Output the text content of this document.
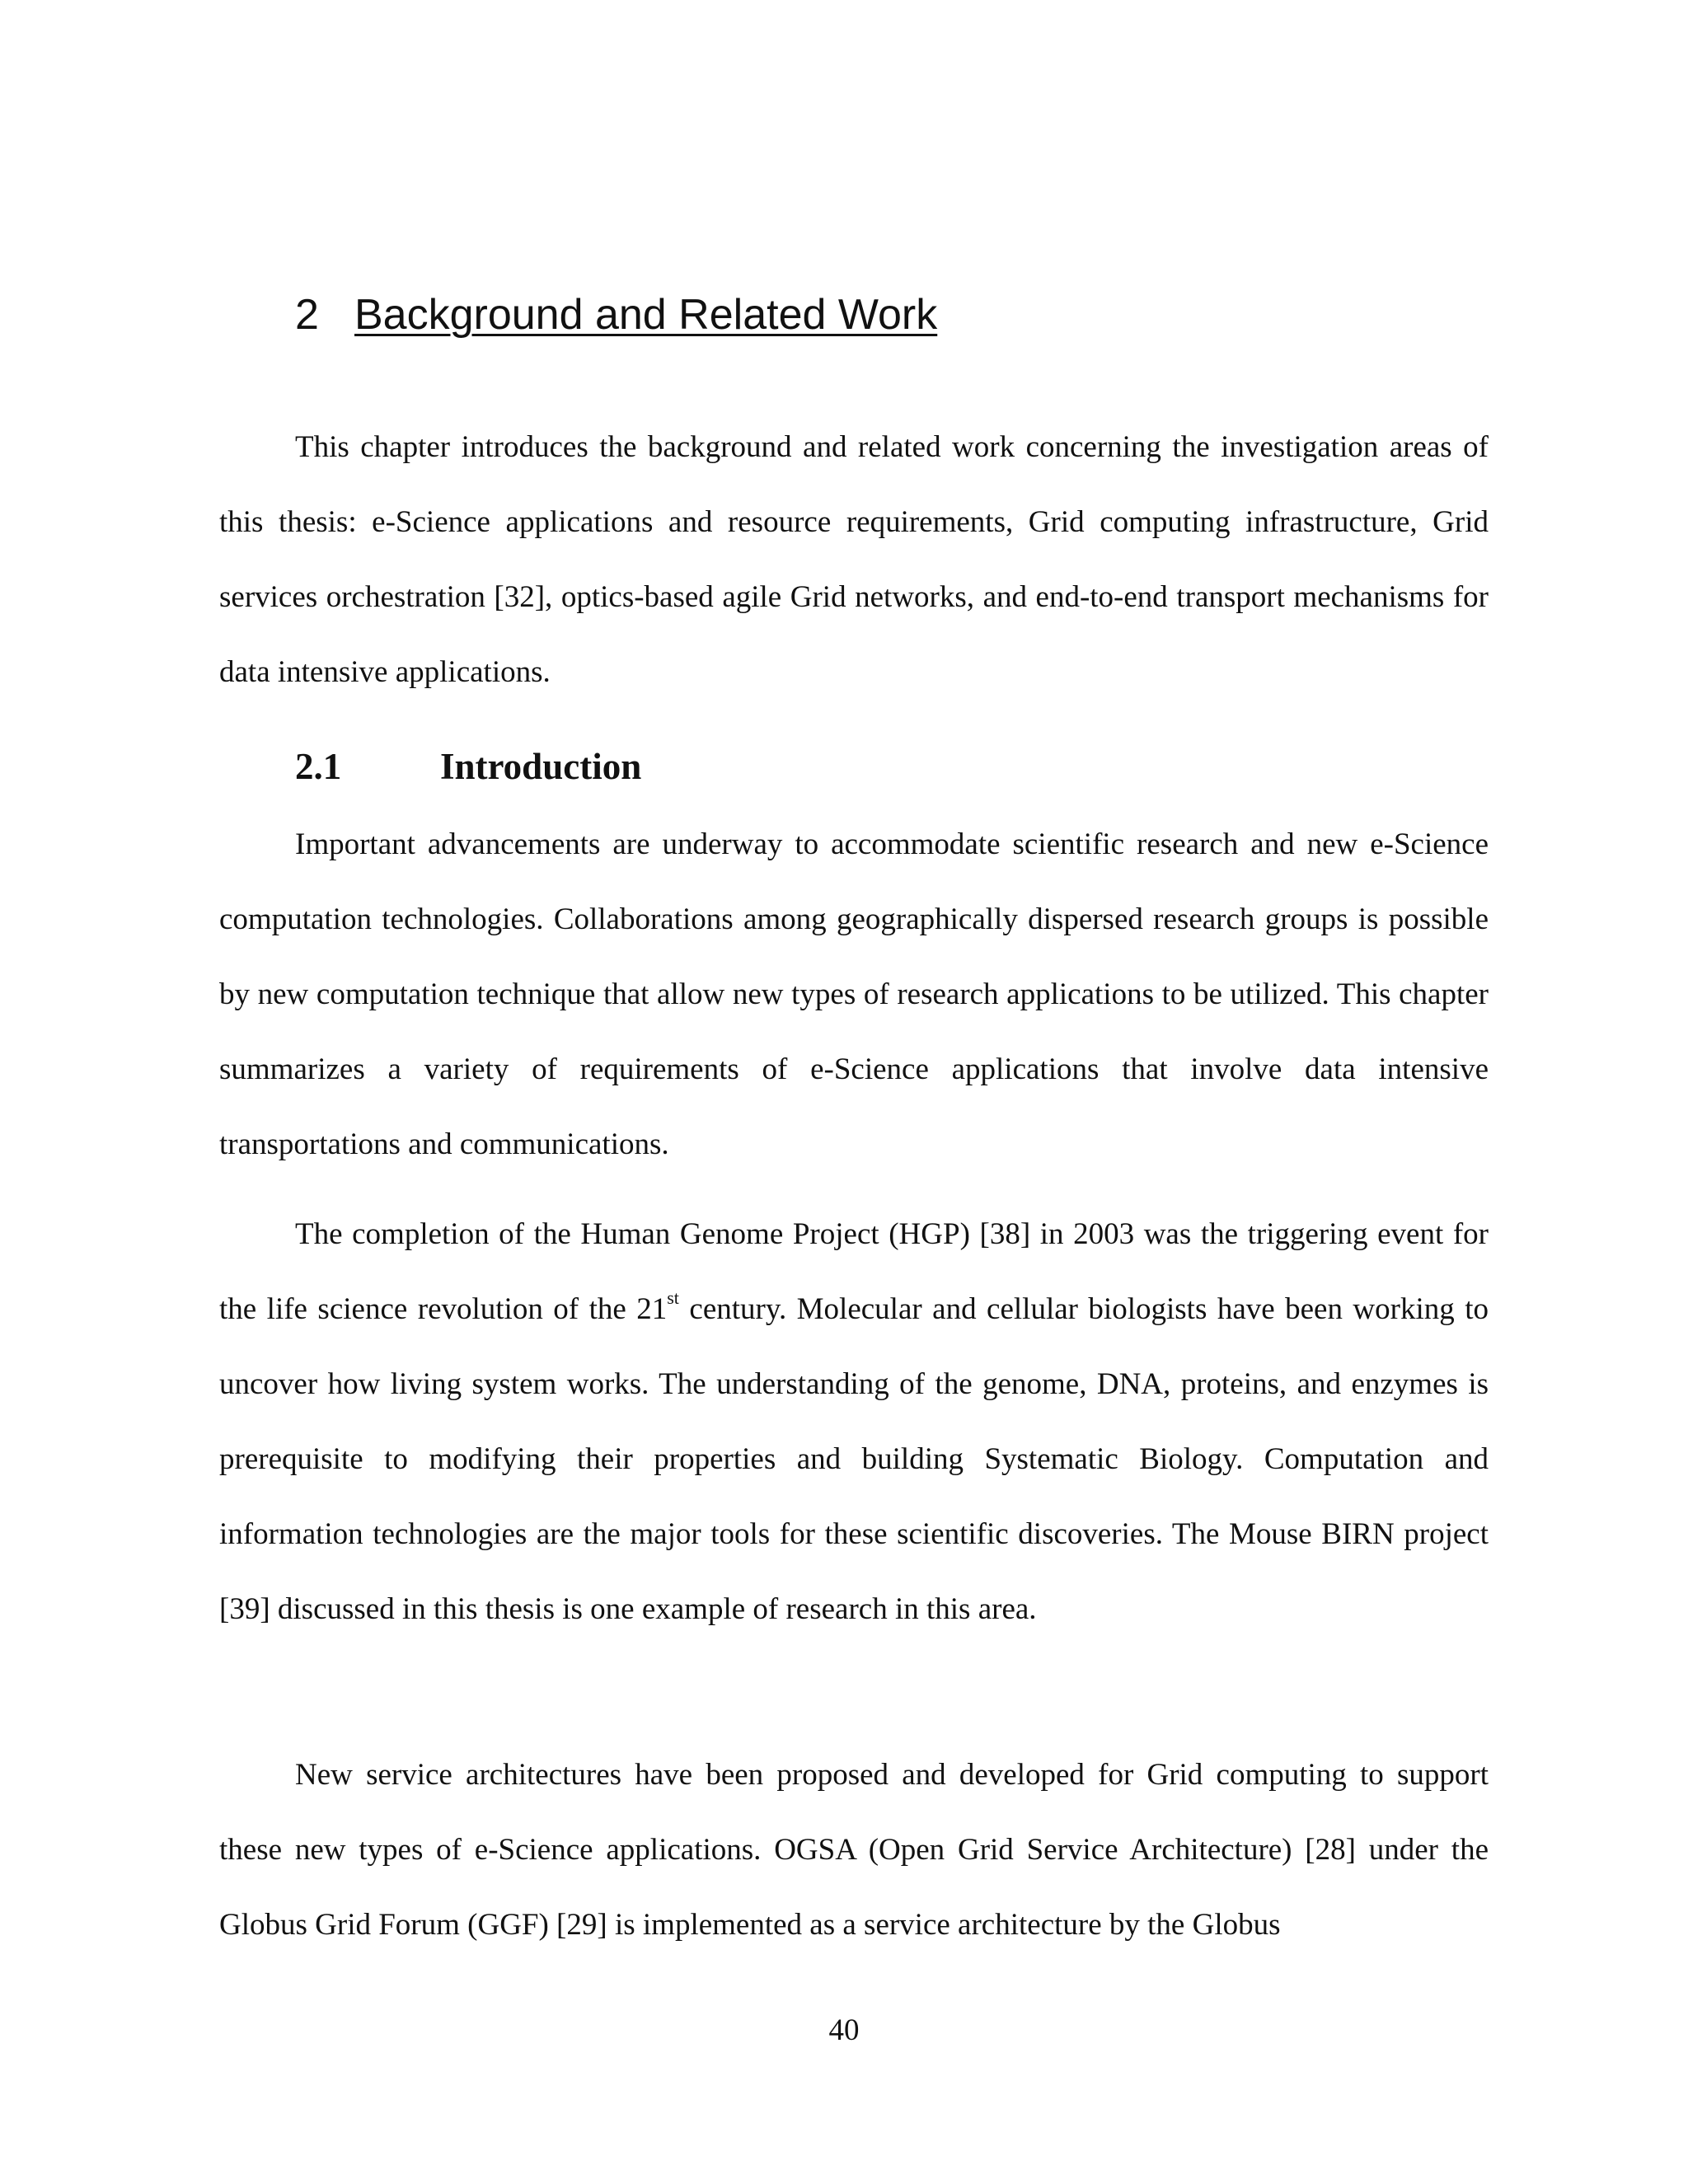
2 Background and Related Work

This chapter introduces the background and related work concerning the investigation areas of this thesis: e-Science applications and resource requirements, Grid computing infrastructure, Grid services orchestration [32], optics-based agile Grid networks, and end-to-end transport mechanisms for data intensive applications.

2.1	Introduction

Important advancements are underway to accommodate scientific research and new e-Science computation technologies. Collaborations among geographically dispersed research groups is possible by new computation technique that allow new types of research applications to be utilized. This chapter summarizes a variety of requirements of e-Science applications that involve data intensive transportations and communications.

The completion of the Human Genome Project (HGP) [38] in 2003 was the triggering event for the life science revolution of the 21st century. Molecular and cellular biologists have been working to uncover how living system works. The understanding of the genome, DNA, proteins, and enzymes is prerequisite to modifying their properties and building Systematic Biology. Computation and information technologies are the major tools for these scientific discoveries. The Mouse BIRN project [39] discussed in this thesis is one example of research in this area.

New service architectures have been proposed and developed for Grid computing to support these new types of e-Science applications. OGSA (Open Grid Service Architecture) [28] under the Globus Grid Forum (GGF) [29] is implemented as a service architecture by the Globus

40
